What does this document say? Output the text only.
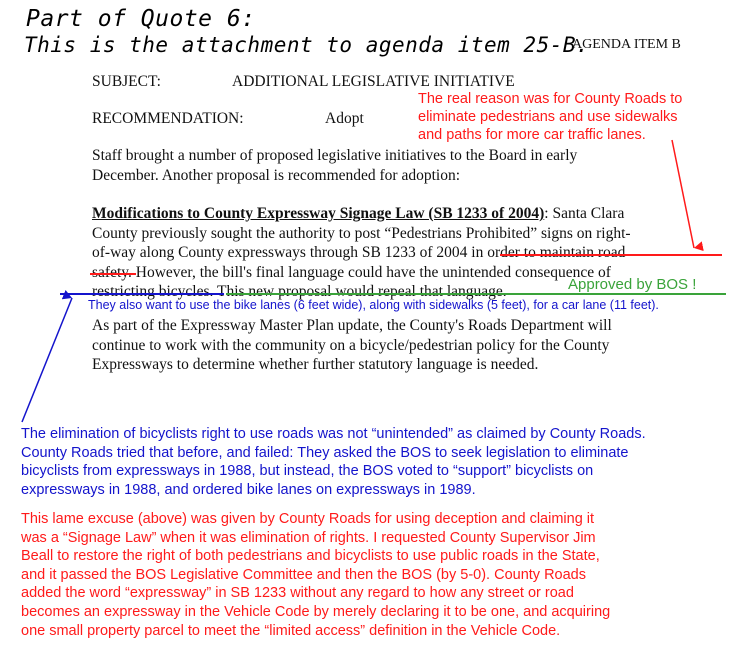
Part of Quote 6:
This is the attachment to agenda item 25-B.
AGENDA ITEM B
SUBJECT:	ADDITIONAL LEGISLATIVE INITIATIVE
RECOMMENDATION:	Adopt
The real reason was for County Roads to
eliminate pedestrians and use sidewalks
and paths for more car traffic lanes.
Staff brought a number of proposed legislative initiatives to the Board in early
December. Another proposal is recommended for adoption:
Modifications to County Expressway Signage Law (SB 1233 of 2004): Santa Clara
County previously sought the authority to post “Pedestrians Prohibited” signs on right-
of-way along County expressways through SB 1233 of 2004 in order to maintain road
safety. However, the bill's final language could have the unintended consequence of
restricting bicycles. This new proposal would repeal that language.	Approved by BOS !
They also want to use the bike lanes (6 feet wide), along with sidewalks (5 feet), for a car lane (11 feet).
As part of the Expressway Master Plan update, the County's Roads Department will
continue to work with the community on a bicycle/pedestrian policy for the County
Expressways to determine whether further statutory language is needed.
The elimination of bicyclists right to use roads was not “unintended” as claimed by County Roads.
County Roads tried that before, and failed: They asked the BOS to seek legislation to eliminate
bicyclists from expressways in 1988, but instead, the BOS voted to “support” bicyclists on
expressways in 1988, and ordered bike lanes on expressways in 1989.
This lame excuse (above) was given by County Roads for using deception and claiming it
was a “Signage Law” when it was elimination of rights. I requested County Supervisor Jim
Beall to restore the right of both pedestrians and bicyclists to use public roads in the State,
and it passed the BOS Legislative Committee and then the BOS (by 5-0). County Roads
added the word “expressway” in SB 1233 without any regard to how any street or road
becomes an expressway in the Vehicle Code by merely declaring it to be one, and acquiring
one small property parcel to meet the “limited access” definition in the Vehicle Code.
